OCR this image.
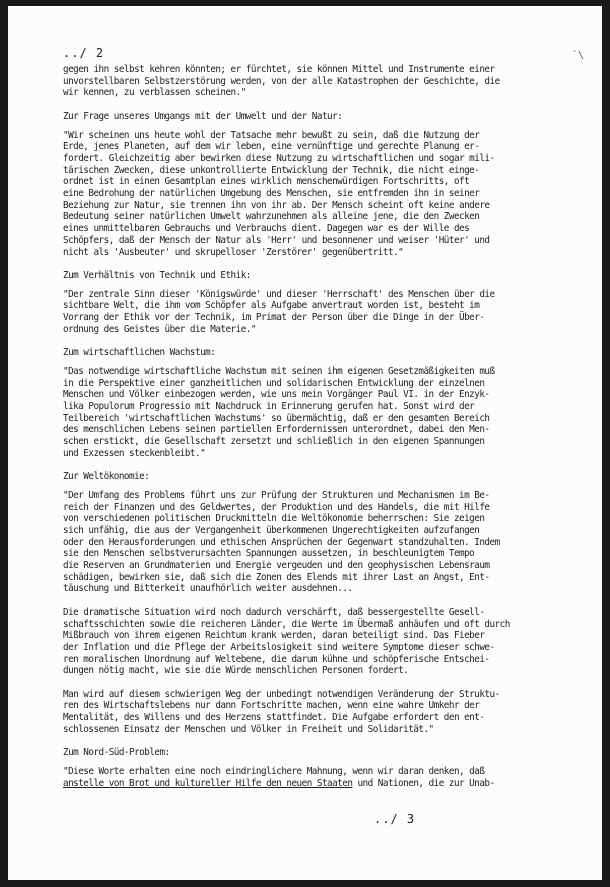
../ 2	`\
gegen ihn selbst kehren könnten; er fürchtet, sie können Mittel und Instrumente einer
unvorstellbaren Selbstzerstörung werden, von der alle Katastrophen der Geschichte, die
wir kennen, zu verblassen scheinen."
Zur Frage unseres Umgangs mit der Umwelt und der Natur:
"Wir scheinen uns heute wohl der Tatsache mehr bewußt zu sein, daß die Nutzung der
Erde, jenes Planeten, auf dem wir leben, eine vernünftige und gerechte Planung er-
fordert. Gleichzeitig aber bewirken diese Nutzung zu wirtschaftlichen und sogar mili-
tärischen Zwecken, diese unkontrollierte Entwicklung der Technik, die nicht einge-
ordnet ist in einen Gesamtplan eines wirklich menschenwürdigen Fortschritts, oft
eine Bedrohung der natürlichen Umgebung des Menschen, sie entfremden ihn in seiner
Beziehung zur Natur, sie trennen ihn von ihr ab. Der Mensch scheint oft keine andere
Bedeutung seiner natürlichen Umwelt wahrzunehmen als alleine jene, die den Zwecken
eines unmittelbaren Gebrauchs und Verbrauchs dient. Dagegen war es der Wille des
Schöpfers, daß der Mensch der Natur als 'Herr' und besonnener und weiser 'Hüter' und
nicht als 'Ausbeuter' und skrupelloser 'Zerstörer' gegenübertritt."
Zum Verhältnis von Technik und Ethik:
"Der zentrale Sinn dieser 'Königswürde' und dieser 'Herrschaft' des Menschen über die
sichtbare Welt, die ihm vom Schöpfer als Aufgabe anvertraut worden ist, besteht im
Vorrang der Ethik vor der Technik, im Primat der Person über die Dinge in der Über-
ordnung des Geistes über die Materie."
Zum wirtschaftlichen Wachstum:
"Das notwendige wirtschaftliche Wachstum mit seinen ihm eigenen Gesetzmäßigkeiten muß
in die Perspektive einer ganzheitlichen und solidarischen Entwicklung der einzelnen
Menschen und Völker einbezogen werden, wie uns mein Vorgänger Paul VI. in der Enzyk-
lika Populorum Progressio mit Nachdruck in Erinnerung gerufen hat. Sonst wird der
Teilbereich 'wirtschaftlichen Wachstums' so übermächtig, daß er den gesamten Bereich
des menschlichen Lebens seinen partiellen Erfordernissen unterordnet, dabei den Men-
schen erstickt, die Gesellschaft zersetzt und schließlich in den eigenen Spannungen
und Exzessen steckenbleibt."
Zur Weltökonomie:
"Der Umfang des Problems führt uns zur Prüfung der Strukturen und Mechanismen im Be-
reich der Finanzen und des Geldwertes, der Produktion und des Handels, die mit Hilfe
von verschiedenen politischen Druckmitteln die Weltökonomie beherrschen: Sie zeigen
sich unfähig, die aus der Vergangenheit überkommenen Ungerechtigkeiten aufzufangen
oder den Herausforderungen und ethischen Ansprüchen der Gegenwart standzuhalten. Indem
sie den Menschen selbstverursachten Spannungen aussetzen, in beschleunigtem Tempo
die Reserven an Grundmaterien und Energie vergeuden und den geophysischen Lebensraum
schädigen, bewirken sie, daß sich die Zonen des Elends mit ihrer Last an Angst, Ent-
täuschung und Bitterkeit unaufhörlich weiter ausdehnen...
Die dramatische Situation wird noch dadurch verschärft, daß bessergestellte Gesell-
schaftsschichten sowie die reicheren Länder, die Werte im Übermaß anhäufen und oft durch
Mißbrauch von ihrem eigenen Reichtum krank werden, daran beteiligt sind. Das Fieber
der Inflation und die Pflege der Arbeitslosigkeit sind weitere Symptome dieser schwe-
ren moralischen Unordnung auf Weltebene, die darum kühne und schöpferische Entschei-
dungen nötig macht, wie sie die Würde menschlichen Personen fordert.
Man wird auf diesem schwierigen Weg der unbedingt notwendigen Veränderung der Struktu-
ren des Wirtschaftslebens nur dann Fortschritte machen, wenn eine wahre Umkehr der
Mentalität, des Willens und des Herzens stattfindet. Die Aufgabe erfordert den ent-
schlossenen Einsatz der Menschen und Völker in Freiheit und Solidarität."
Zum Nord-Süd-Problem:
"Diese Worte erhalten eine noch eindringlichere Mahnung, wenn wir daran denken, daß
anstelle von Brot und kultureller Hilfe den neuen Staaten und Nationen, die zur Unab-
../ 3
